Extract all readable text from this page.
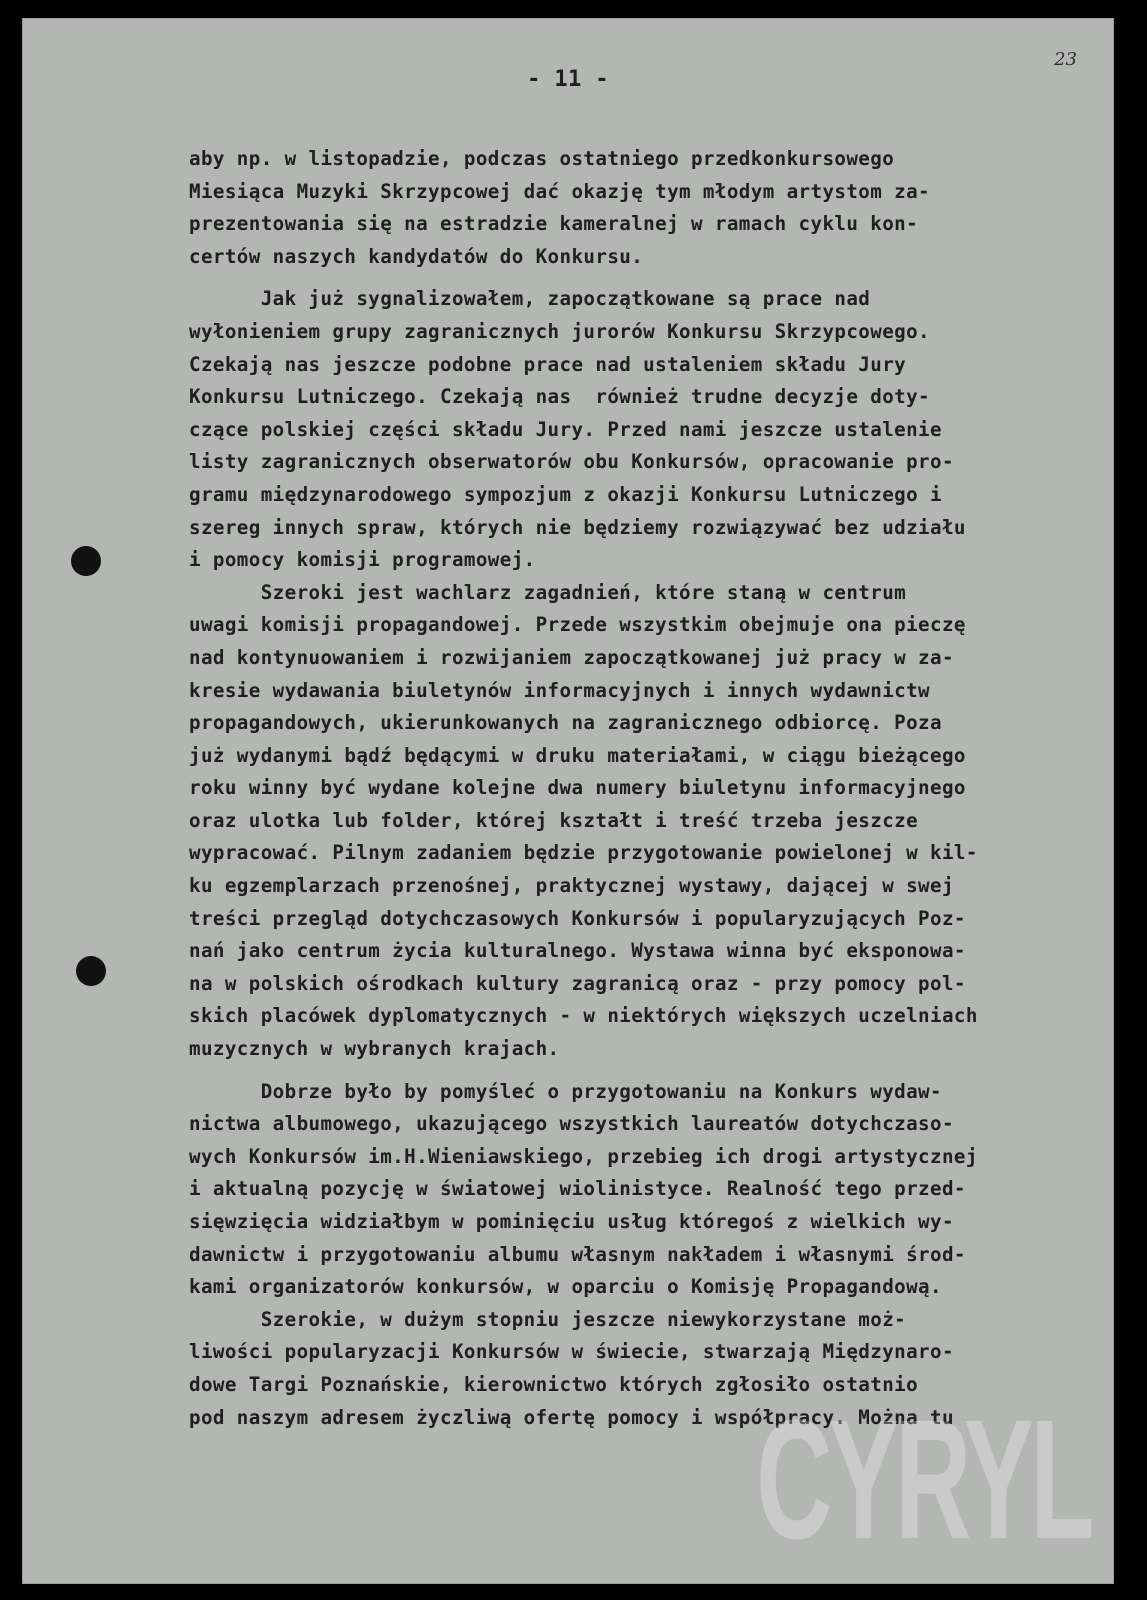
23
- 11 -
aby np. w listopadzie, podczas ostatniego przedkonkursowego
Miesiąca Muzyki Skrzypcowej dać okazję tym młodym artystom za-
prezentowania się na estradzie kameralnej w ramach cyklu kon-
certów naszych kandydatów do Konkursu.
Jak już sygnalizowałem, zapoczątkowane są prace nad
wyłonieniem grupy zagranicznych jurorów Konkursu Skrzypcowego.
Czekają nas jeszcze podobne prace nad ustaleniem składu Jury
Konkursu Lutniczego. Czekają nas  również trudne decyzje doty-
czące polskiej części składu Jury. Przed nami jeszcze ustalenie
listy zagranicznych obserwatorów obu Konkursów, opracowanie pro-
gramu międzynarodowego sympozjum z okazji Konkursu Lutniczego i
szereg innych spraw, których nie będziemy rozwiązywać bez udziału
i pomocy komisji programowej.
Szeroki jest wachlarz zagadnień, które staną w centrum
uwagi komisji propagandowej. Przede wszystkim obejmuje ona pieczę
nad kontynuowaniem i rozwijaniem zapoczątkowanej już pracy w za-
kresie wydawania biuletynów informacyjnych i innych wydawnictw
propagandowych, ukierunkowanych na zagranicznego odbiorcę. Poza
już wydanymi bądź będącymi w druku materiałami, w ciągu bieżącego
roku winny być wydane kolejne dwa numery biuletynu informacyjnego
oraz ulotka lub folder, której kształt i treść trzeba jeszcze
wypracować. Pilnym zadaniem będzie przygotowanie powielonej w kil-
ku egzemplarzach przenośnej, praktycznej wystawy, dającej w swej
treści przegląd dotychczasowych Konkursów i popularyzujących Poz-
nań jako centrum życia kulturalnego. Wystawa winna być eksponowa-
na w polskich ośrodkach kultury zagranicą oraz - przy pomocy pol-
skich placówek dyplomatycznych - w niektórych większych uczelniach
muzycznych w wybranych krajach.
Dobrze było by pomyśleć o przygotowaniu na Konkurs wydaw-
nictwa albumowego, ukazującego wszystkich laureatów dotychczaso-
wych Konkursów im.H.Wieniawskiego, przebieg ich drogi artystycznej
i aktualną pozycję w światowej wiolinistyce. Realność tego przed-
sięwzięcia widziałbym w pominięciu usług któregoś z wielkich wy-
dawnictw i przygotowaniu albumu własnym nakładem i własnymi środ-
kami organizatorów konkursów, w oparciu o Komisję Propagandową.
Szerokie, w dużym stopniu jeszcze niewykorzystane moż-
liwości popularyzacji Konkursów w świecie, stwarzają Międzynaro-
dowe Targi Poznańskie, kierownictwo których zgłosiło ostatnio
pod naszym adresem życzliwą ofertę pomocy i współpracy. Można tu
CYRYL
